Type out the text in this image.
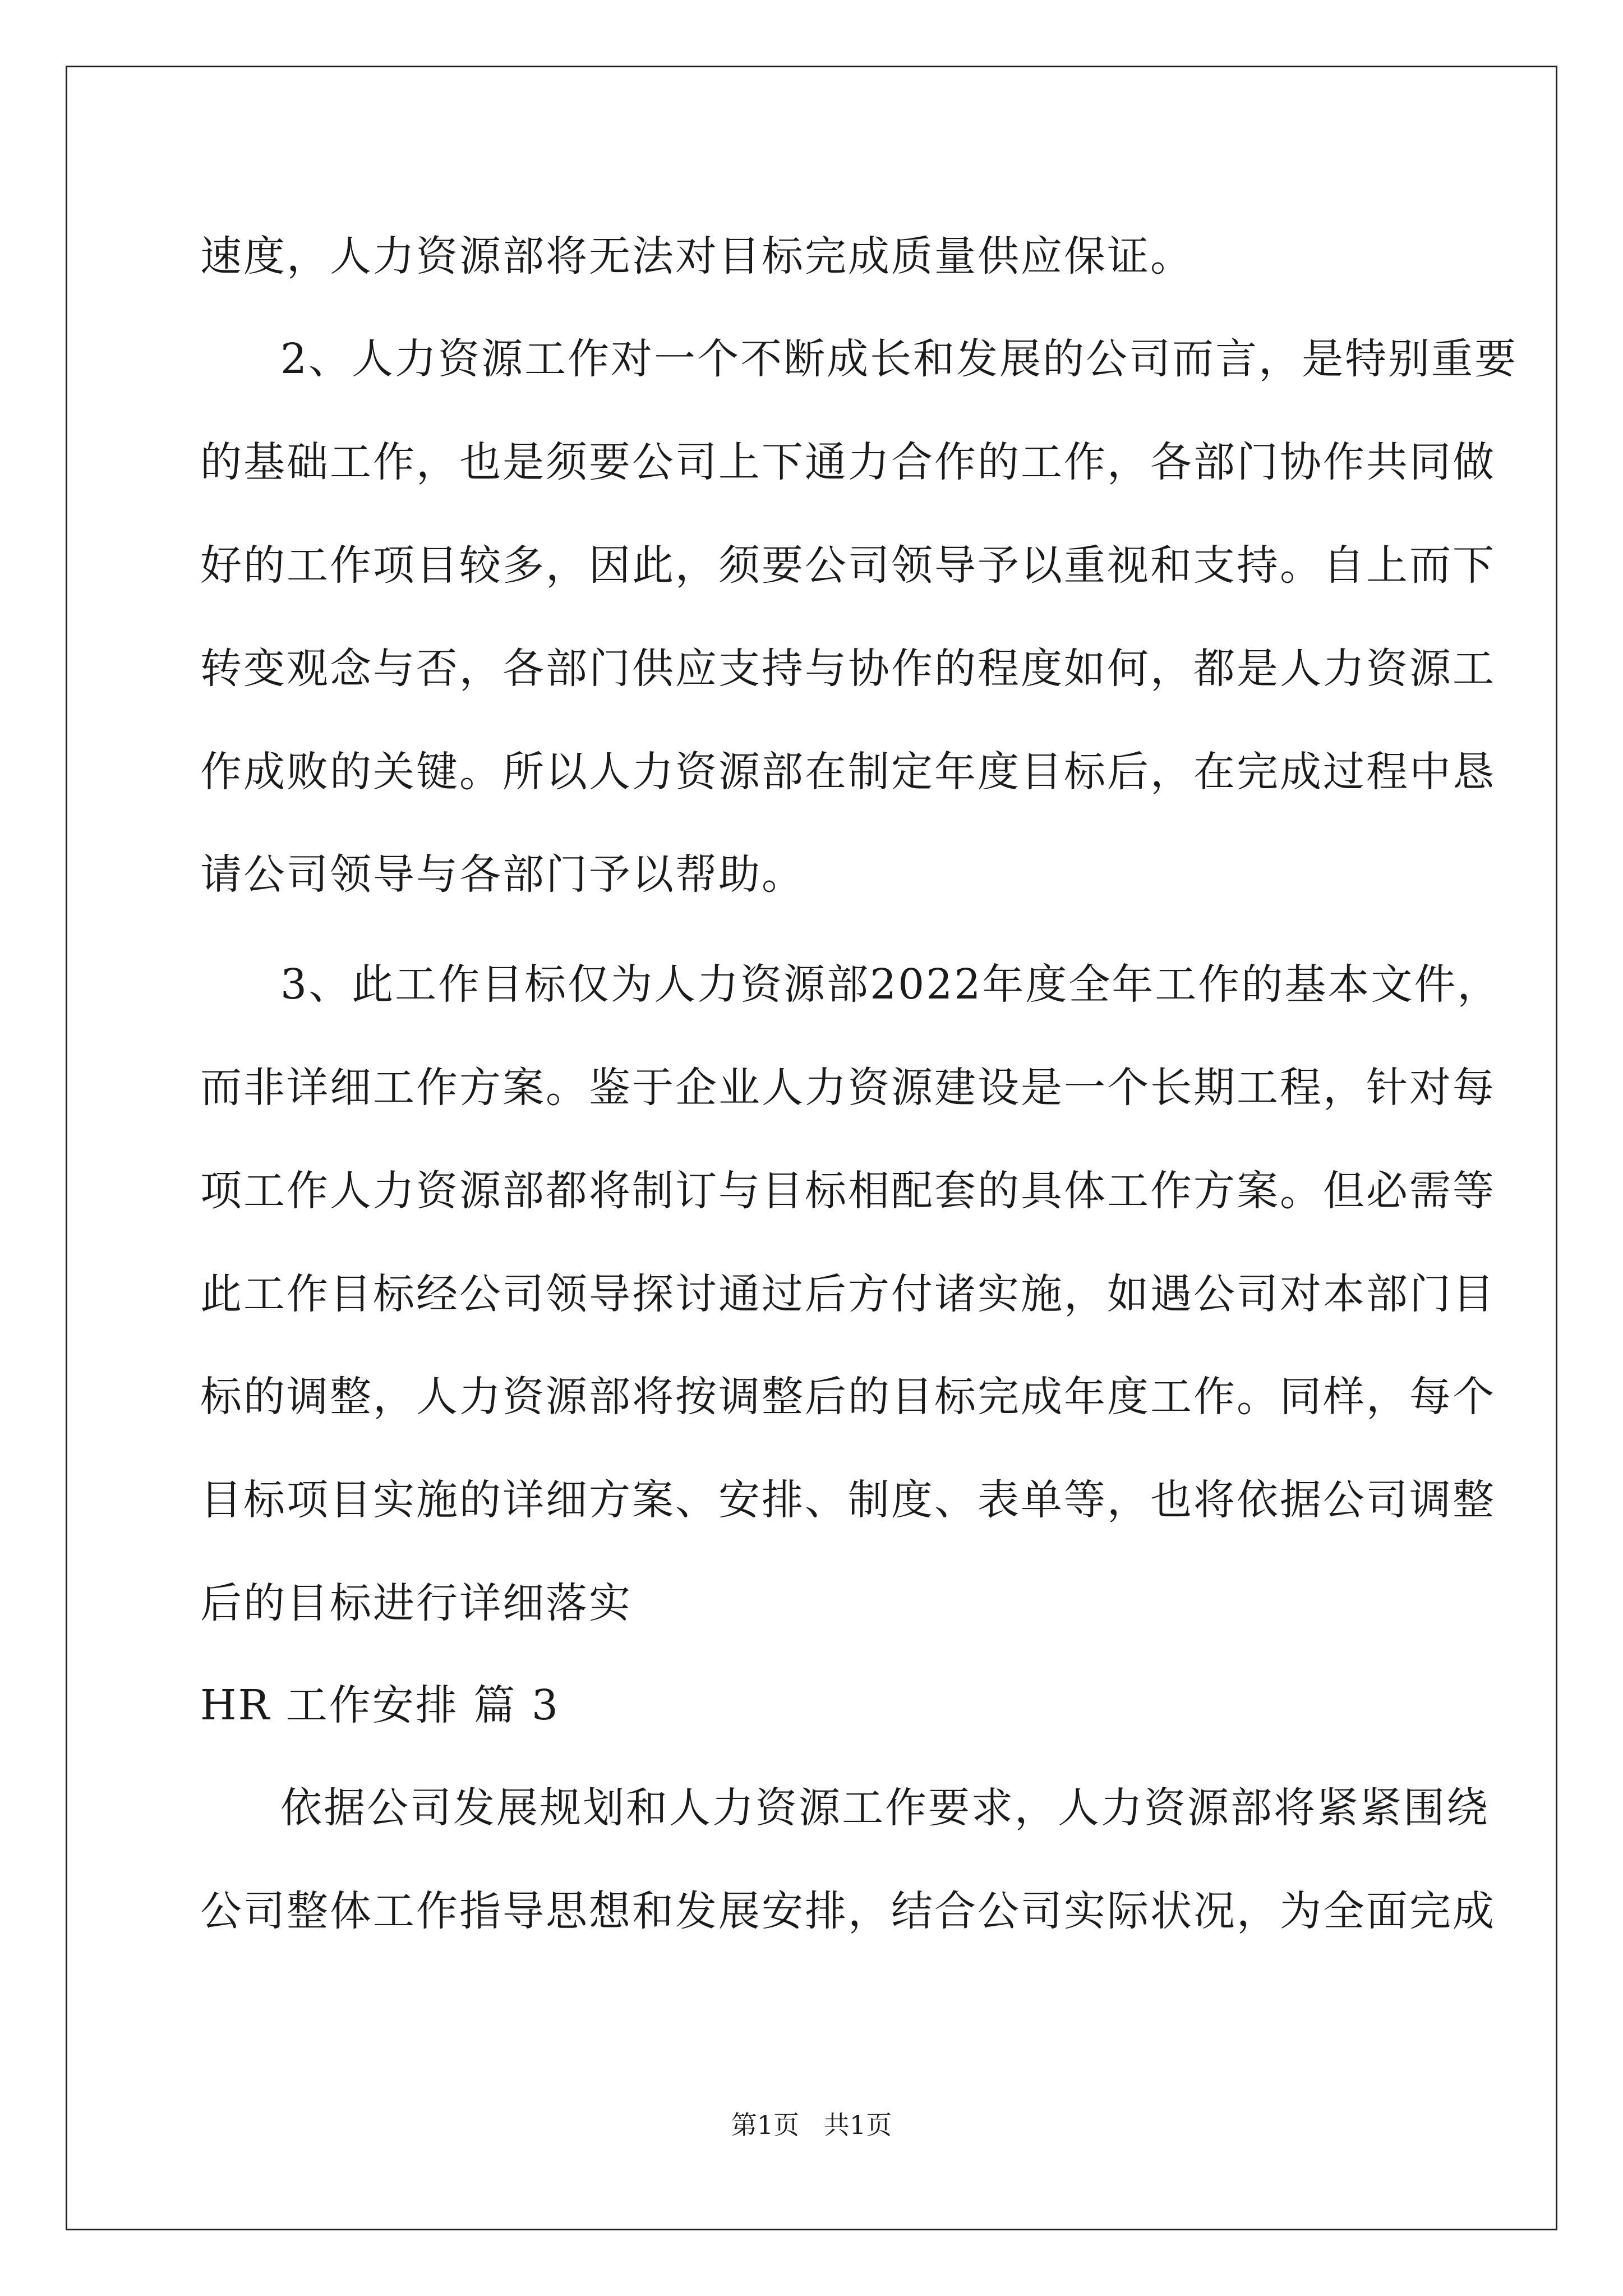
速度，人力资源部将无法对目标完成质量供应保证。
2、人力资源工作对一个不断成长和发展的公司而言，是特别重要
的基础工作，也是须要公司上下通力合作的工作，各部门协作共同做
好的工作项目较多，因此，须要公司领导予以重视和支持。自上而下
转变观念与否，各部门供应支持与协作的程度如何，都是人力资源工
作成败的关键。所以人力资源部在制定年度目标后，在完成过程中恳
请公司领导与各部门予以帮助。
3、此工作目标仅为人力资源部2022年度全年工作的基本文件，
而非详细工作方案。鉴于企业人力资源建设是一个长期工程，针对每
项工作人力资源部都将制订与目标相配套的具体工作方案。但必需等
此工作目标经公司领导探讨通过后方付诸实施，如遇公司对本部门目
标的调整，人力资源部将按调整后的目标完成年度工作。同样，每个
目标项目实施的详细方案、安排、制度、表单等，也将依据公司调整
后的目标进行详细落实
HR 工作安排 篇 3
依据公司发展规划和人力资源工作要求，人力资源部将紧紧围绕
公司整体工作指导思想和发展安排，结合公司实际状况，为全面完成
第1页   共1页
